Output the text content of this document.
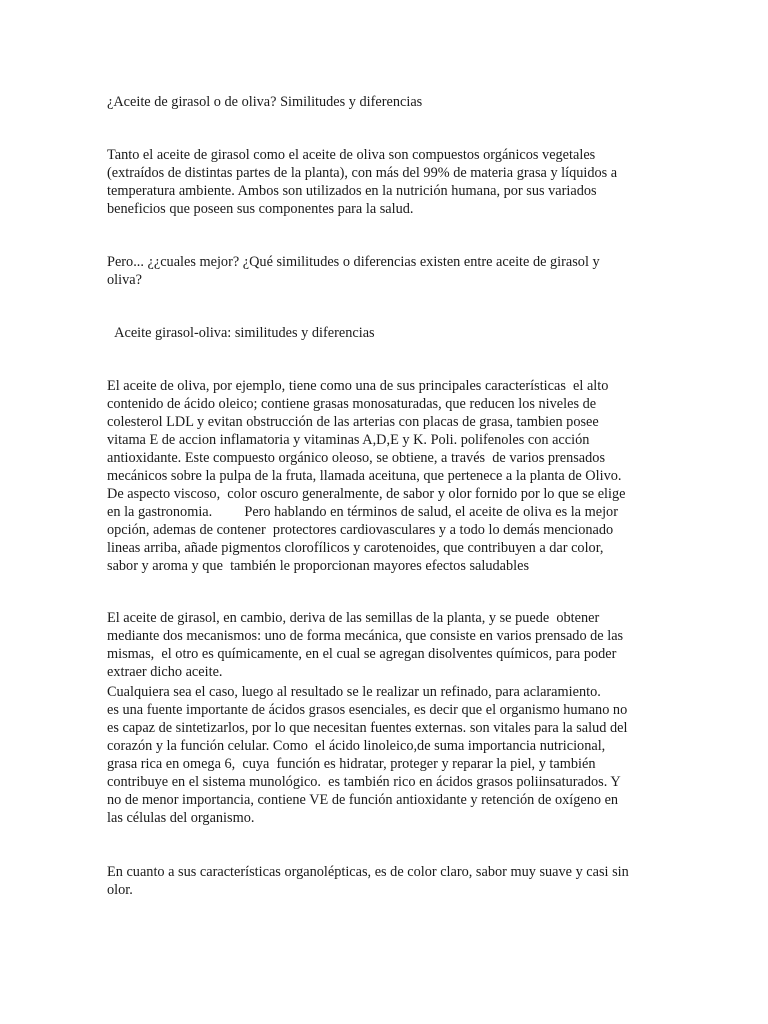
¿Aceite de girasol o de oliva? Similitudes y diferencias

Tanto el aceite de girasol como el aceite de oliva son compuestos orgánicos vegetales
(extraídos de distintas partes de la planta), con más del 99% de materia grasa y líquidos a
temperatura ambiente. Ambos son utilizados en la nutrición humana, por sus variados
beneficios que poseen sus componentes para la salud.

Pero... ¿¿cuales mejor? ¿Qué similitudes o diferencias existen entre aceite de girasol y
oliva?

Aceite girasol-oliva: similitudes y diferencias

El aceite de oliva, por ejemplo, tiene como una de sus principales características  el alto
contenido de ácido oleico; contiene grasas monosaturadas, que reducen los niveles de
colesterol LDL y evitan obstrucción de las arterias con placas de grasa, tambien posee
vitama E de accion inflamatoria y vitaminas A,D,E y K. Poli. polifenoles con acción
antioxidante. Este compuesto orgánico oleoso, se obtiene, a través  de varios prensados
mecánicos sobre la pulpa de la fruta, llamada aceituna, que pertenece a la planta de Olivo.
De aspecto viscoso,  color oscuro generalmente, de sabor y olor fornido por lo que se elige
en la gastronomia.         Pero hablando en términos de salud, el aceite de oliva es la mejor
opción, ademas de contener  protectores cardiovasculares y a todo lo demás mencionado
lineas arriba, añade pigmentos clorofílicos y carotenoides, que contribuyen a dar color,
sabor y aroma y que  también le proporcionan mayores efectos saludables

El aceite de girasol, en cambio, deriva de las semillas de la planta, y se puede  obtener
mediante dos mecanismos: uno de forma mecánica, que consiste en varios prensado de las
mismas,  el otro es químicamente, en el cual se agregan disolventes químicos, para poder
extraer dicho aceite.

Cualquiera sea el caso, luego al resultado se le realizar un refinado, para aclaramiento.
es una fuente importante de ácidos grasos esenciales, es decir que el organismo humano no
es capaz de sintetizarlos, por lo que necesitan fuentes externas. son vitales para la salud del
corazón y la función celular. Como  el ácido linoleico,de suma importancia nutricional,
grasa rica en omega 6,  cuya  función es hidratar, proteger y reparar la piel, y también
contribuye en el sistema munológico.  es también rico en ácidos grasos poliinsaturados. Y
no de menor importancia, contiene VE de función antioxidante y retención de oxígeno en
las células del organismo.

En cuanto a sus características organolépticas, es de color claro, sabor muy suave y casi sin
olor.
